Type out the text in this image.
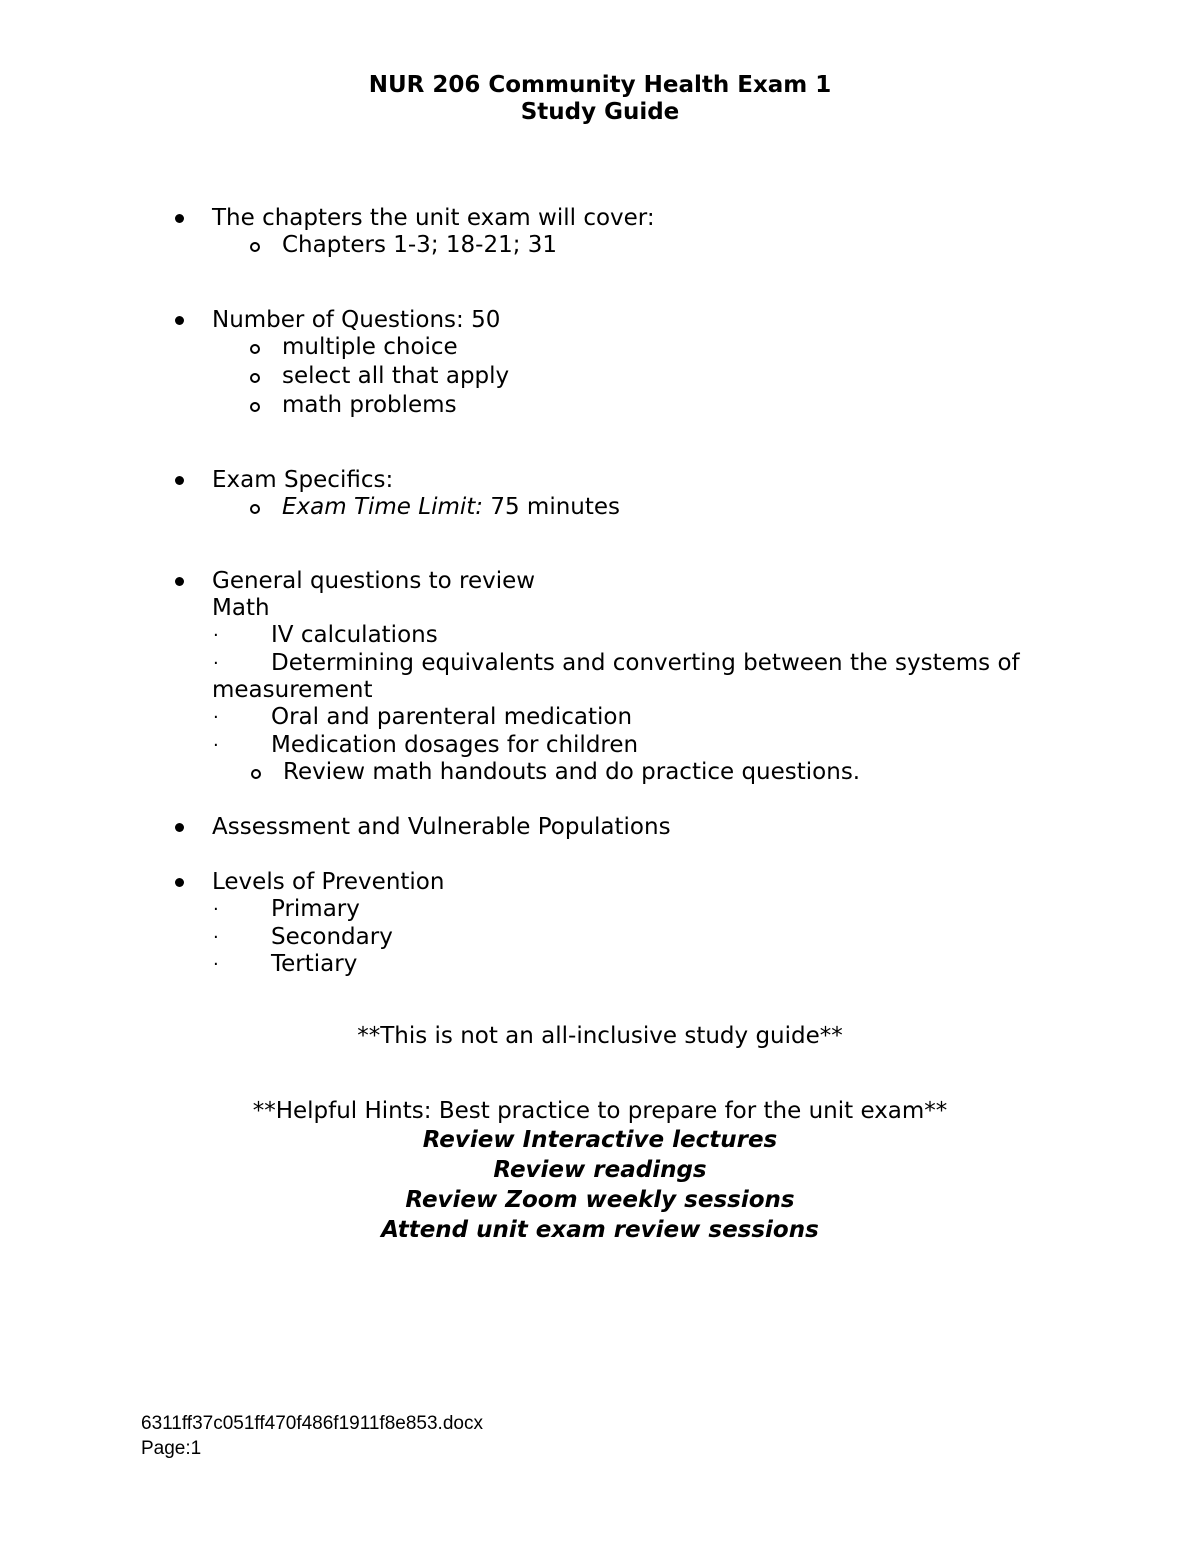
NUR 206 Community Health Exam 1
Study Guide
The chapters the unit exam will cover:
Chapters 1-3; 18-21; 31
Number of Questions: 50
multiple choice
select all that apply
math problems
Exam Specifics:
Exam Time Limit: 75 minutes
General questions to review
Math
· IV calculations
· Determining equivalents and converting between the systems of
measurement
· Oral and parenteral medication
· Medication dosages for children
Review math handouts and do practice questions.
Assessment and Vulnerable Populations
Levels of Prevention
· Primary
· Secondary
· Tertiary
**This is not an all-inclusive study guide**
**Helpful Hints: Best practice to prepare for the unit exam**
Review Interactive lectures
Review readings
Review Zoom weekly sessions
Attend unit exam review sessions
6311ff37c051ff470f486f1911f8e853.docx
Page:1
